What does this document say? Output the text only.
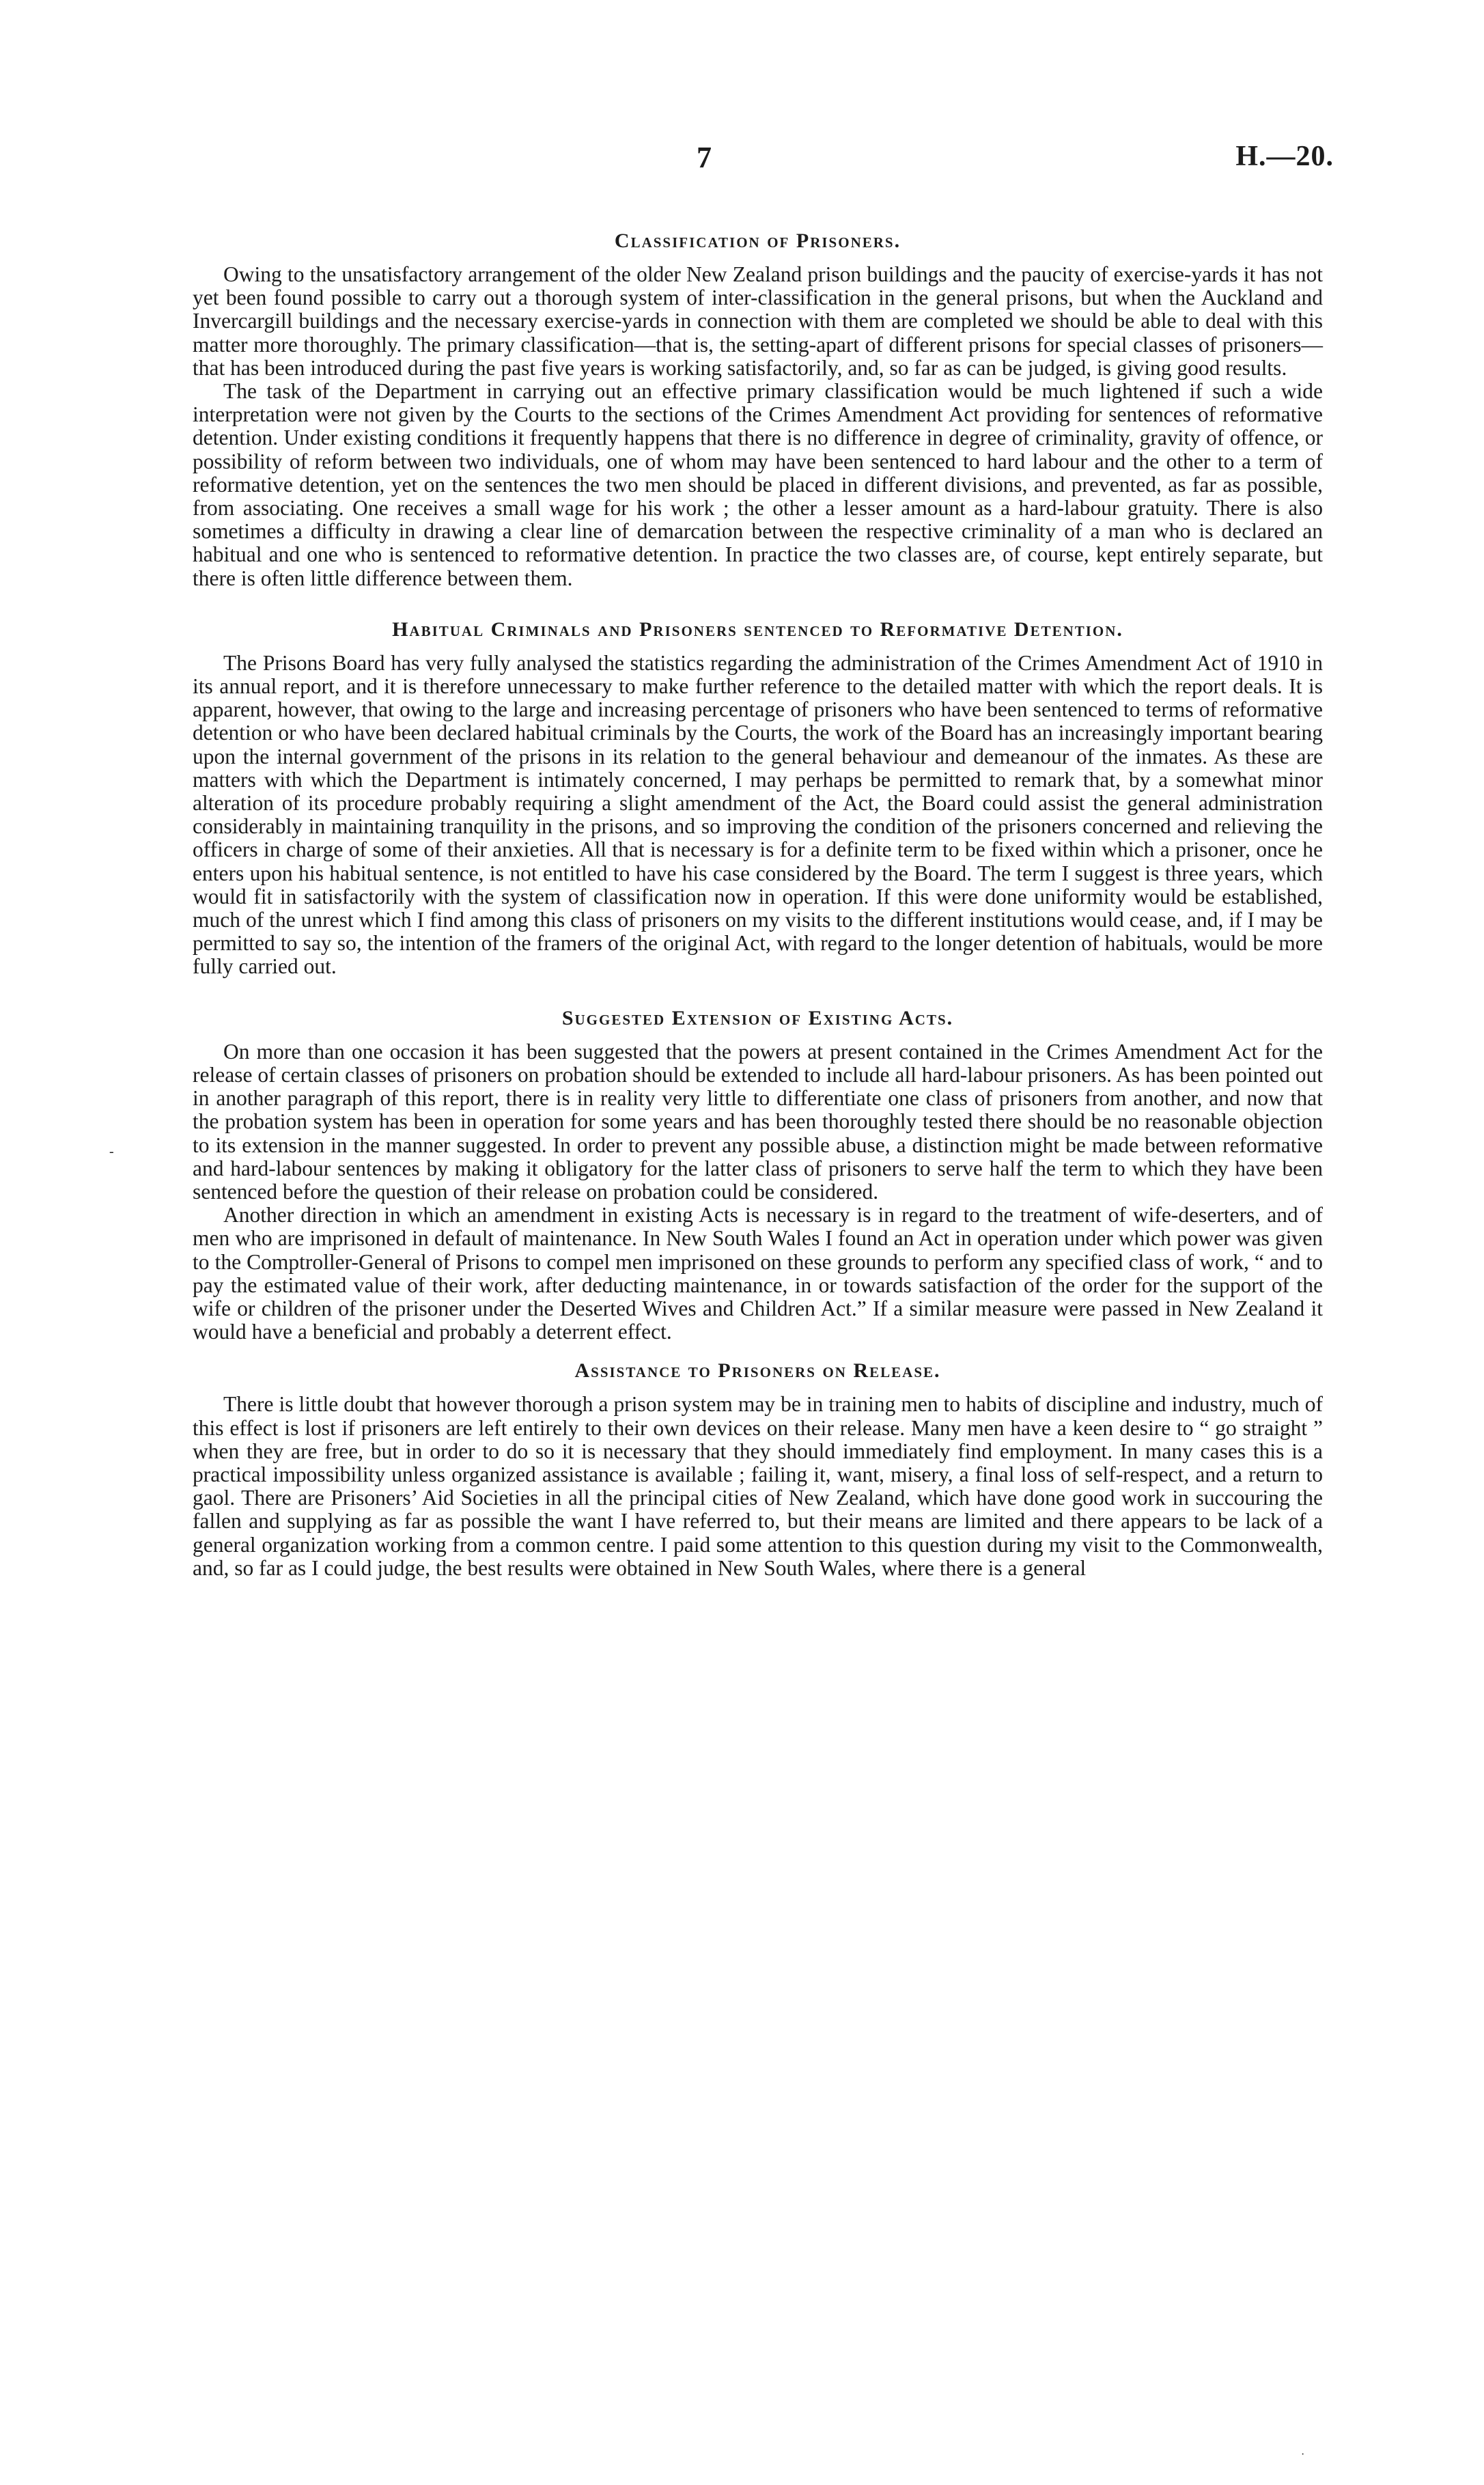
7	H.—20.
Classification of Prisoners.

Owing to the unsatisfactory arrangement of the older New Zealand prison buildings and the paucity of exercise-yards it has not yet been found possible to carry out a thorough system of inter-classification in the general prisons, but when the Auckland and Invercargill buildings and the necessary exercise-yards in connection with them are completed we should be able to deal with this matter more thoroughly. The primary classification—that is, the setting-apart of different prisons for special classes of prisoners—that has been introduced during the past five years is working satisfactorily, and, so far as can be judged, is giving good results.

The task of the Department in carrying out an effective primary classification would be much lightened if such a wide interpretation were not given by the Courts to the sections of the Crimes Amendment Act providing for sentences of reformative detention. Under existing conditions it frequently happens that there is no difference in degree of criminality, gravity of offence, or possibility of reform between two individuals, one of whom may have been sentenced to hard labour and the other to a term of reformative detention, yet on the sentences the two men should be placed in different divisions, and prevented, as far as possible, from associating. One receives a small wage for his work ; the other a lesser amount as a hard-labour gratuity. There is also sometimes a difficulty in drawing a clear line of demarcation between the respective criminality of a man who is declared an habitual and one who is sentenced to reformative detention. In practice the two classes are, of course, kept entirely separate, but there is often little difference between them.

Habitual Criminals and Prisoners sentenced to Reformative Detention.

The Prisons Board has very fully analysed the statistics regarding the administration of the Crimes Amendment Act of 1910 in its annual report, and it is therefore unnecessary to make further reference to the detailed matter with which the report deals. It is apparent, however, that owing to the large and increasing percentage of prisoners who have been sentenced to terms of reformative detention or who have been declared habitual criminals by the Courts, the work of the Board has an increasingly important bearing upon the internal government of the prisons in its relation to the general behaviour and demeanour of the inmates. As these are matters with which the Department is intimately concerned, I may perhaps be permitted to remark that, by a somewhat minor alteration of its procedure probably requiring a slight amendment of the Act, the Board could assist the general administration considerably in maintaining tranquility in the prisons, and so improving the condition of the prisoners concerned and relieving the officers in charge of some of their anxieties. All that is necessary is for a definite term to be fixed within which a prisoner, once he enters upon his habitual sentence, is not entitled to have his case considered by the Board. The term I suggest is three years, which would fit in satisfactorily with the system of classification now in operation. If this were done uniformity would be established, much of the unrest which I find among this class of prisoners on my visits to the different institutions would cease, and, if I may be permitted to say so, the intention of the framers of the original Act, with regard to the longer detention of habituals, would be more fully carried out.

Suggested Extension of Existing Acts.

On more than one occasion it has been suggested that the powers at present contained in the Crimes Amendment Act for the release of certain classes of prisoners on probation should be extended to include all hard-labour prisoners. As has been pointed out in another paragraph of this report, there is in reality very little to differentiate one class of prisoners from another, and now that the probation system has been in operation for some years and has been thoroughly tested there should be no reasonable objection to its extension in the manner suggested. In order to prevent any possible abuse, a distinction might be made between reformative and hard-labour sentences by making it obligatory for the latter class of prisoners to serve half the term to which they have been sentenced before the question of their release on probation could be considered.

Another direction in which an amendment in existing Acts is necessary is in regard to the treatment of wife-deserters, and of men who are imprisoned in default of maintenance. In New South Wales I found an Act in operation under which power was given to the Comptroller-General of Prisons to compel men imprisoned on these grounds to perform any specified class of work, “ and to pay the estimated value of their work, after deducting maintenance, in or towards satisfaction of the order for the support of the wife or children of the prisoner under the Deserted Wives and Children Act.” If a similar measure were passed in New Zealand it would have a beneficial and probably a deterrent effect.

Assistance to Prisoners on Release.

There is little doubt that however thorough a prison system may be in training men to habits of discipline and industry, much of this effect is lost if prisoners are left entirely to their own devices on their release. Many men have a keen desire to “ go straight ” when they are free, but in order to do so it is necessary that they should immediately find employment. In many cases this is a practical impossibility unless organized assistance is available ; failing it, want, misery, a final loss of self-respect, and a return to gaol. There are Prisoners’ Aid Societies in all the principal cities of New Zealand, which have done good work in succouring the fallen and supplying as far as possible the want I have referred to, but their means are limited and there appears to be lack of a general organization working from a common centre. I paid some attention to this question during my visit to the Commonwealth, and, so far as I could judge, the best results were obtained in New South Wales, where there is a general

-
·
